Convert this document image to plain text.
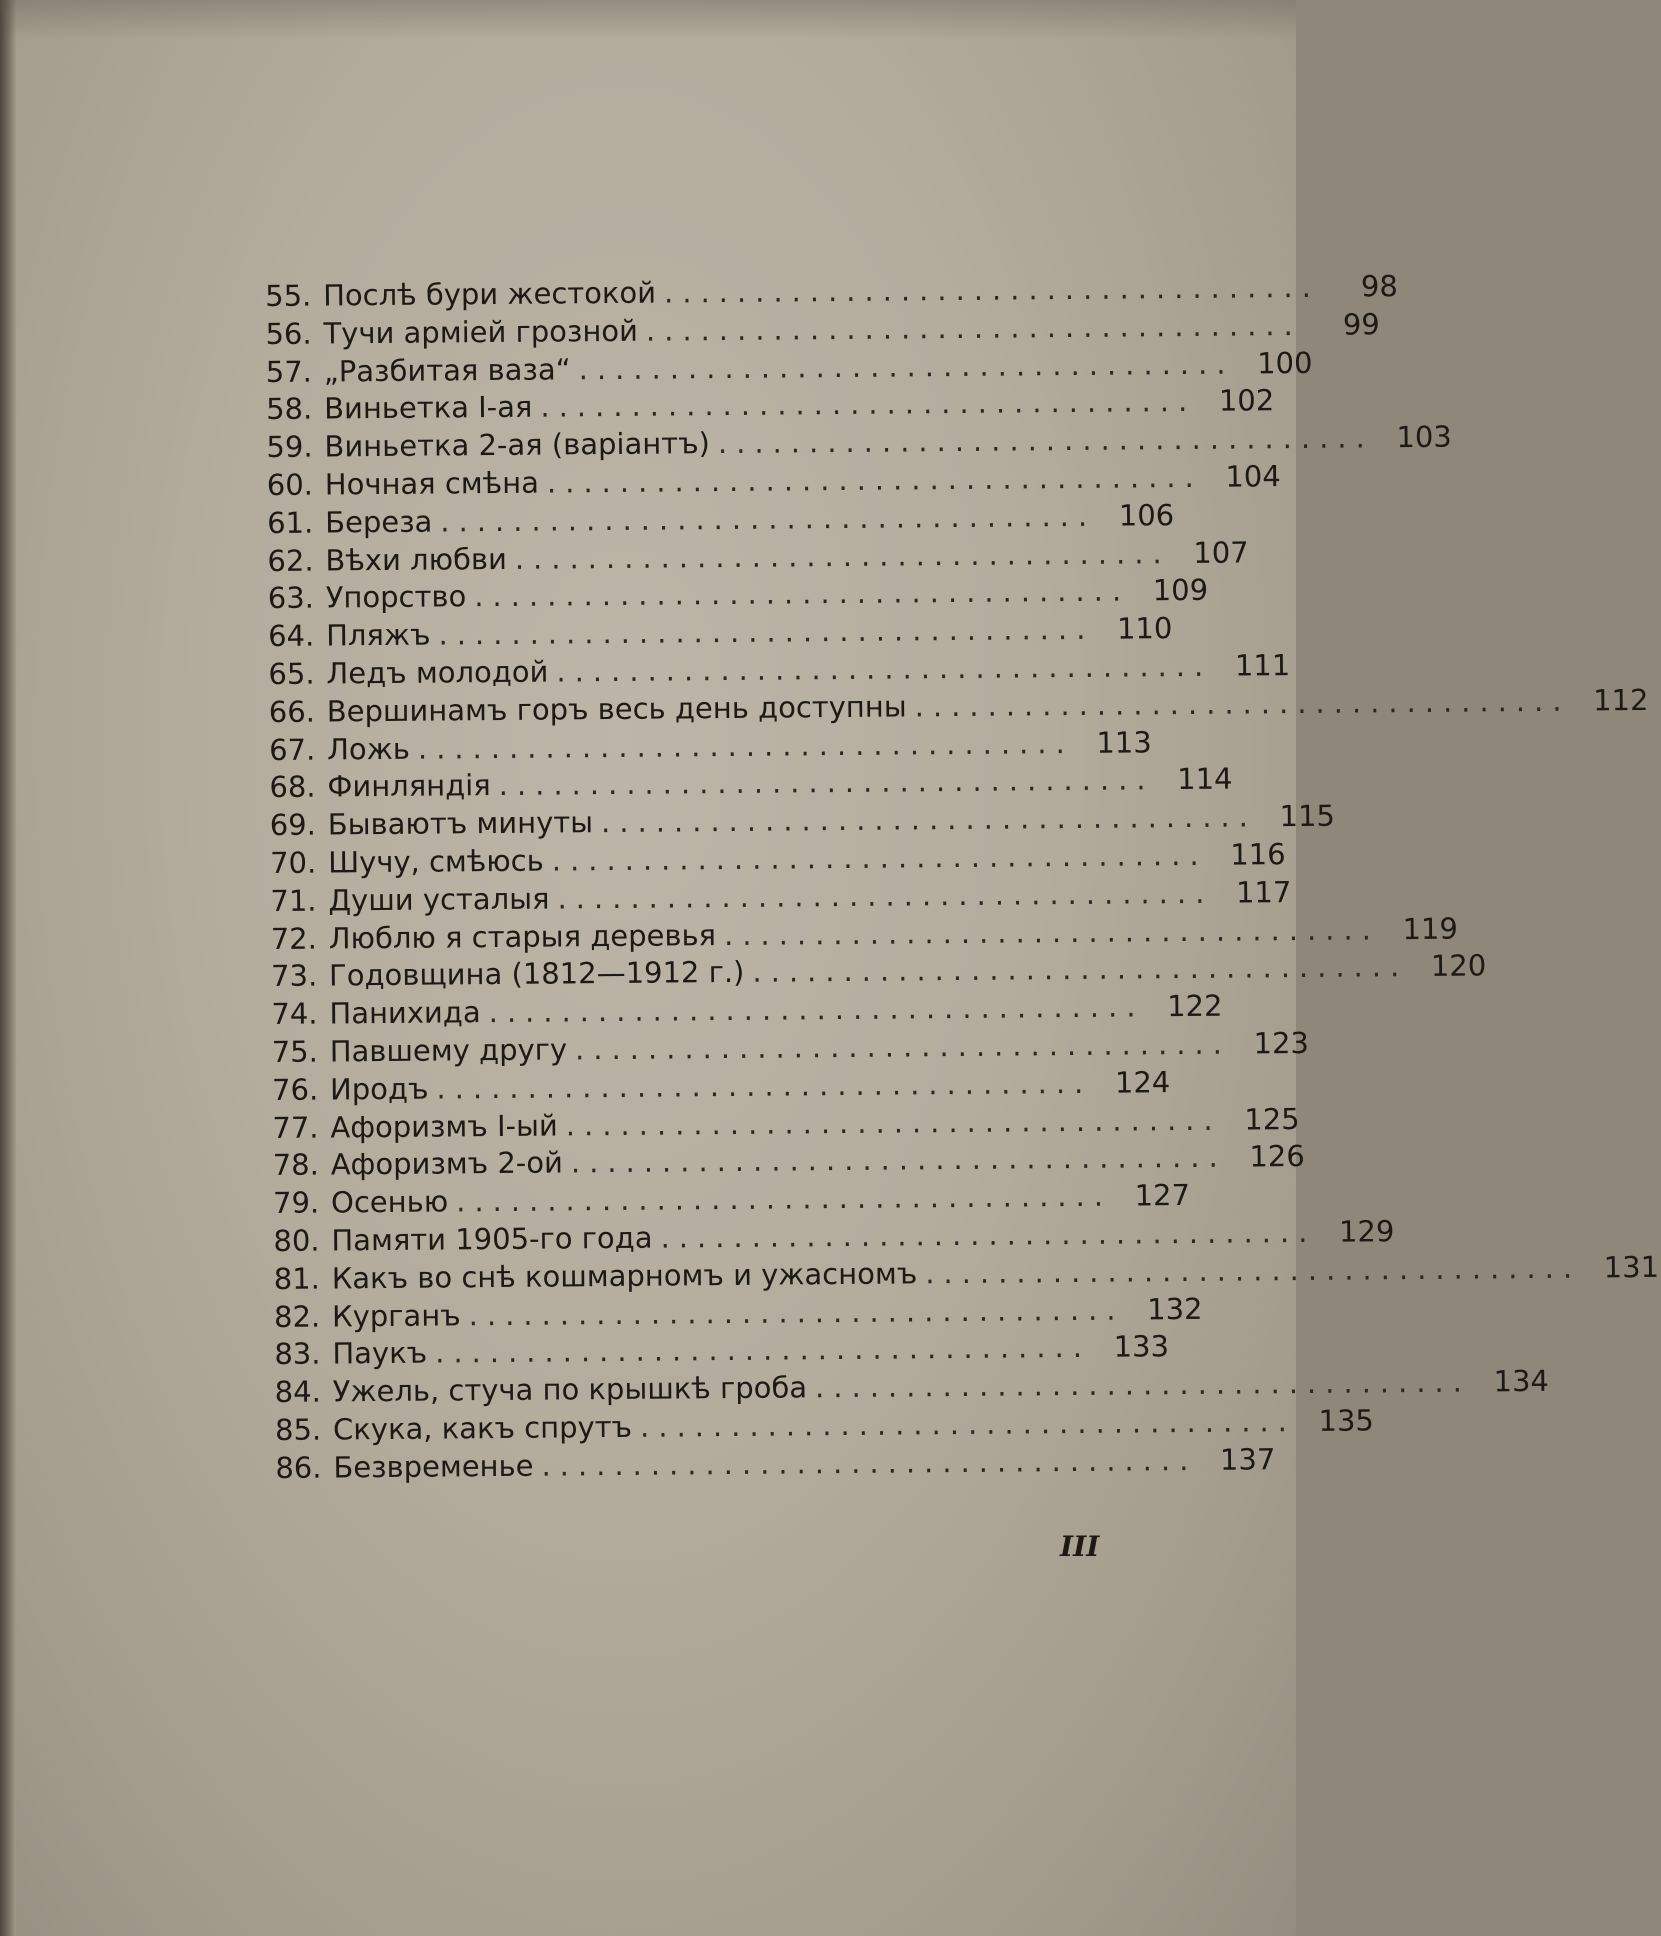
55. Послѣ бури жестокой ....................................	98
56. Тучи арміей грозной ....................................	99
57. „Разбитая ваза“ .................................... 100
58. Виньетка I-ая .................................... 102
59. Виньетка 2-ая (варіантъ) .................................... 103
60. Ночная смѣна .................................... 104
61. Береза .................................... 106
62. Вѣхи любви .................................... 107
63. Упорство .................................... 109
64. Пляжъ .................................... 110
65. Ледъ молодой .................................... 111
66. Вершинамъ горъ весь день доступны .................................... 112
67. Ложь .................................... 113
68. Финляндія .................................... 114
69. Бываютъ минуты .................................... 115
70. Шучу, смѣюсь .................................... 116
71. Души усталыя .................................... 117
72. Люблю я старыя деревья .................................... 119
73. Годовщина (1812—1912 г.) .................................... 120
74. Панихида .................................... 122
75. Павшему другу .................................... 123
76. Иродъ .................................... 124
77. Афоризмъ I-ый .................................... 125
78. Афоризмъ 2-ой .................................... 126
79. Осенью .................................... 127
80. Памяти 1905-го года .................................... 129
81. Какъ во снѣ кошмарномъ и ужасномъ .................................... 131
82. Курганъ .................................... 132
83. Паукъ .................................... 133
84. Ужель, стуча по крышкѣ гроба .................................... 134
85. Скука, какъ спрутъ .................................... 135
86. Безвременье .................................... 137
III
